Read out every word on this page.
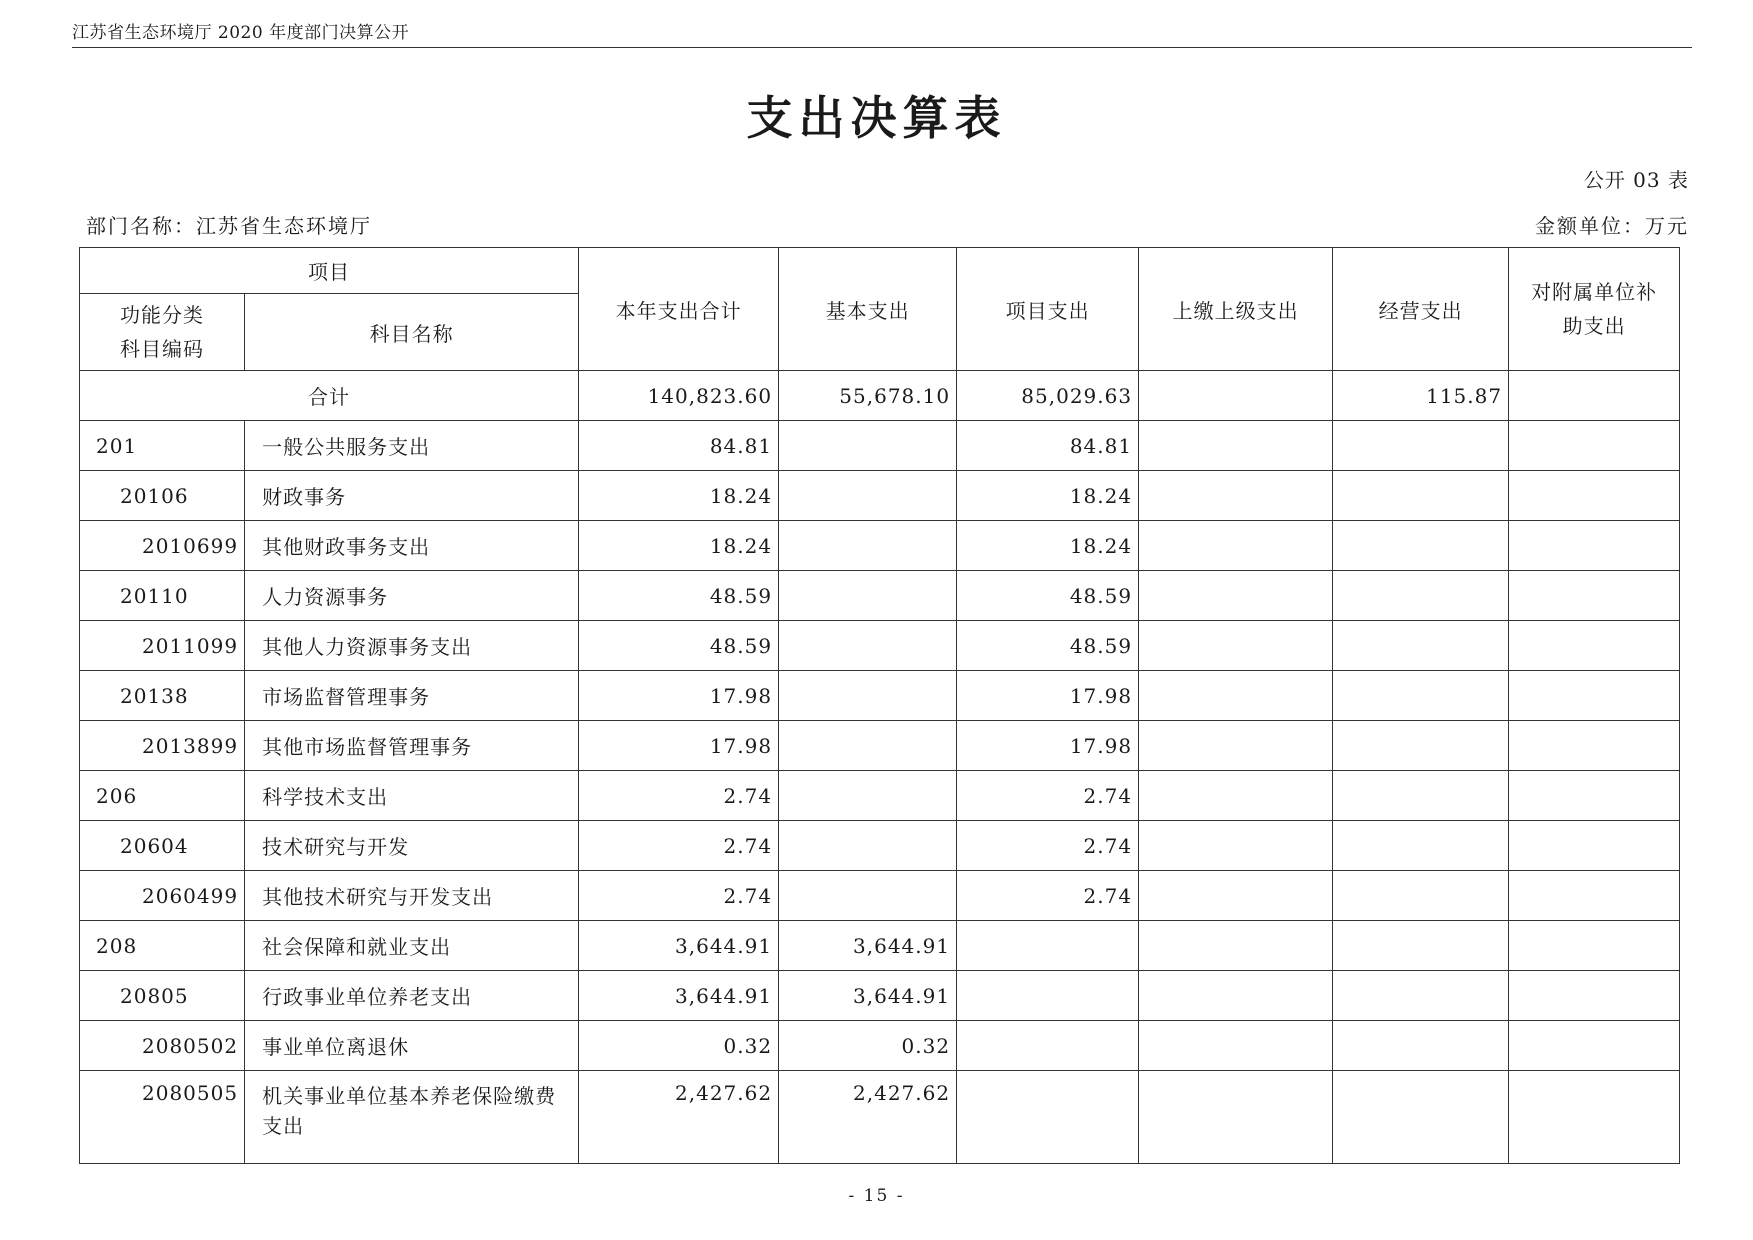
江苏省生态环境厅 2020 年度部门决算公开
支出决算表
公开 03 表
部门名称：江苏省生态环境厅	金额单位：万元
项目		本年支出合计	基本支出	项目支出	上缴上级支出	经营支出	对附属单位补
助支出
功能分类
科目编码	科目名称						
合计		140,823.60	55,678.10	85,029.63		115.87	
201	一般公共服务支出	84.81		84.81			
20106	财政事务	18.24		18.24			
2010699	其他财政事务支出	18.24		18.24			
20110	人力资源事务	48.59		48.59			
2011099	其他人力资源事务支出	48.59		48.59			
20138	市场监督管理事务	17.98		17.98			
2013899	其他市场监督管理事务	17.98		17.98			
206	科学技术支出	2.74		2.74			
20604	技术研究与开发	2.74		2.74			
2060499	其他技术研究与开发支出	2.74		2.74			
208	社会保障和就业支出	3,644.91	3,644.91				
20805	行政事业单位养老支出	3,644.91	3,644.91				
2080502	事业单位离退休	0.32	0.32				
2080505	机关事业单位基本养老保险缴费支出	2,427.62	2,427.62				
- 15 -
